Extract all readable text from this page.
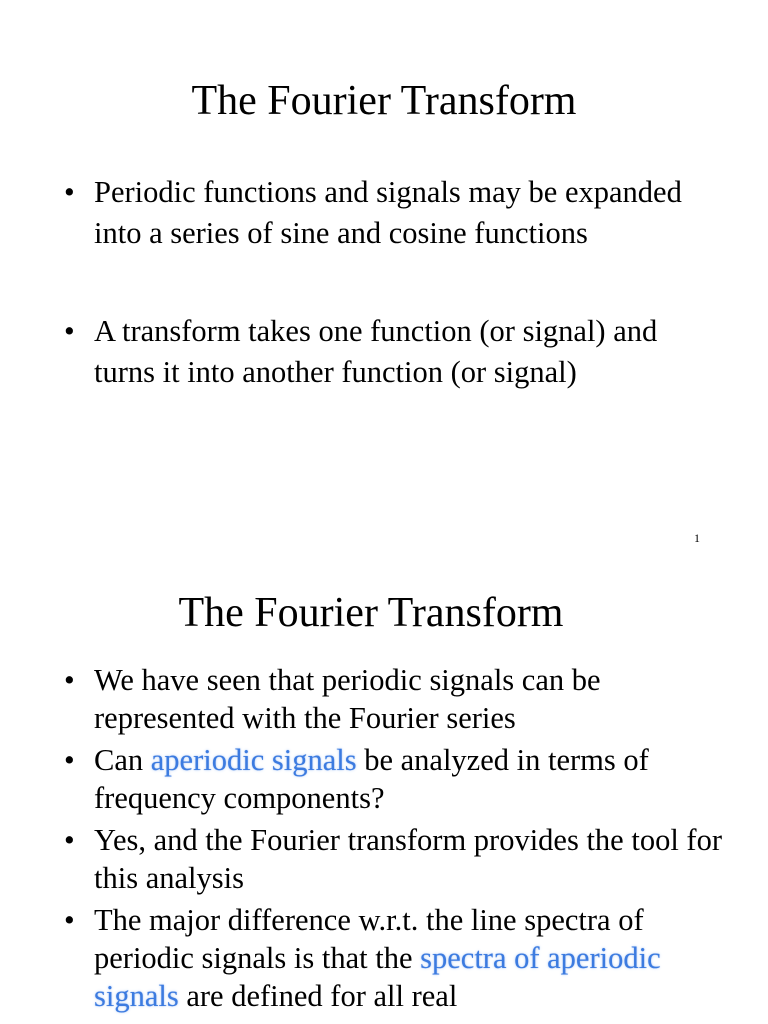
The Fourier Transform
• Periodic functions and signals may be expanded into a series of sine and cosine functions
• A transform takes one function (or signal) and turns it into another function (or signal)
1
The Fourier Transform
• We have seen that periodic signals can be represented with the Fourier series
• Can aperiodic signals be analyzed in terms of frequency components?
• Yes, and the Fourier transform provides the tool for this analysis
• The major difference w.r.t. the line spectra of periodic signals is that the spectra of aperiodic signals are defined for all real
